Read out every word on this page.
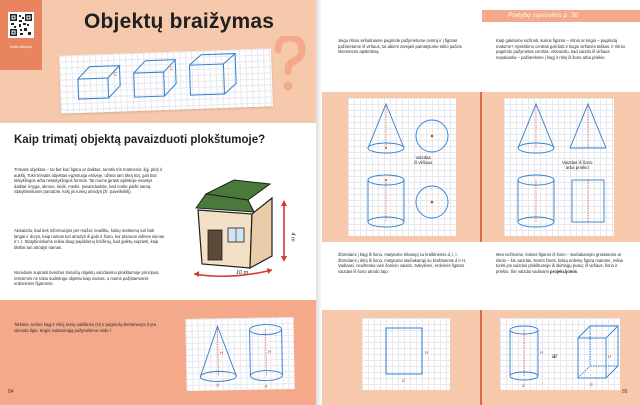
mokz.lt/k2pkz
Objektų braižymas
C
C
Kaip trimatį objektą pavaizduoti plokštumoje?
Trimatis objektas – tai bet kuri figūra ar daiktas, turintis tris matmenis: ilgį, plotį ir aukštį. Toks trimatis objektas egzistuoja erdvėje, užima tam tikrą tūrį, gali būti taisyklingos arba netaisyklingos formos. Tai mums įprasti aplinkoje esantys daiktai: knyga, akmuo, kėdė, medis. Įsivaizduokite, kad norite paišti namą. Statybininkams parodote, kokį jis turėtų atrodyti (žr. paveikslėlį).
Akivaizdu, kad tiek informacijos per mažai: neaišku, kokių matmenų turi būti langai ir durys, kaip namas turi atrodyti iš galo ir šono, kur planuoti vidines sienas ir t. t. Statybininkams reikia daug papildomų brėžinių, kad galėtų suprasti, kaip tiksliai turi atrodyti namas.
Norėdami suprasti bendrus trimačių objektų vaizdavimo plokštumoje principus, remsimės ne tokiu sudėtingu objektu kaip namas, o mums pažįstamomis erdvinėmis figūromis.
10 m
4 m
Tarkime, turime kūgį ir ritinį, kurių aukštinės (H) ir pagrindų skersmenys d yra vienodo ilgio. Kūgio sudaromąją pažymėkime raide l.
H	H
d	d
84
Pratybų sąsiuvinis p. 30
Jeigu ritinio viršutiniame pagrinde pažymėtume centrą ir į figūras pažiūrėtume iš viršaus, tai abiem atvejais pamatytume tokio pačios skersmens apskritimą.
Kaip galėtume sužinoti, kurios figūros – ritinio ar kūgio – pagrindą matome? Apskritimo centras gali būti ir kūgio viršūnės taškas, ir ritinio pagrindo pažymėtas centras. Akivaizdu, kad vaizdo iš viršaus nepakanka – pažiūrėkime į kūgį ir ritinį iš šono arba priekio.
Vaizdas
iš viršaus	Vaizdas iš šono
arba priekio
Žiūrėdami į kūgį iš šono, matytume trikampį su kraštinėmis d, l, l. Žiūrėdami į ritinį iš šono, matytume stačiakampį su kraštinėmis d ir H. Vadinasi, neužtenka vien šoninio vaizdo. Sakykime, erdvinės figūros vaizdas iš šono atrodo taip:
Mes nežinome, kokios figūros iš šono – stačiakampio gretasienio ar ritinio – šis vaizdas. Norint žinoti, kokią erdvinę figūrą matome, reikia turėti jos vaizdus plokštumoje iš skirtingų pusių: iš viršaus, šono ir priekio. Šie vaizdai vadinami projekcijomis.
H
d
ar
H
H
d	d
85
